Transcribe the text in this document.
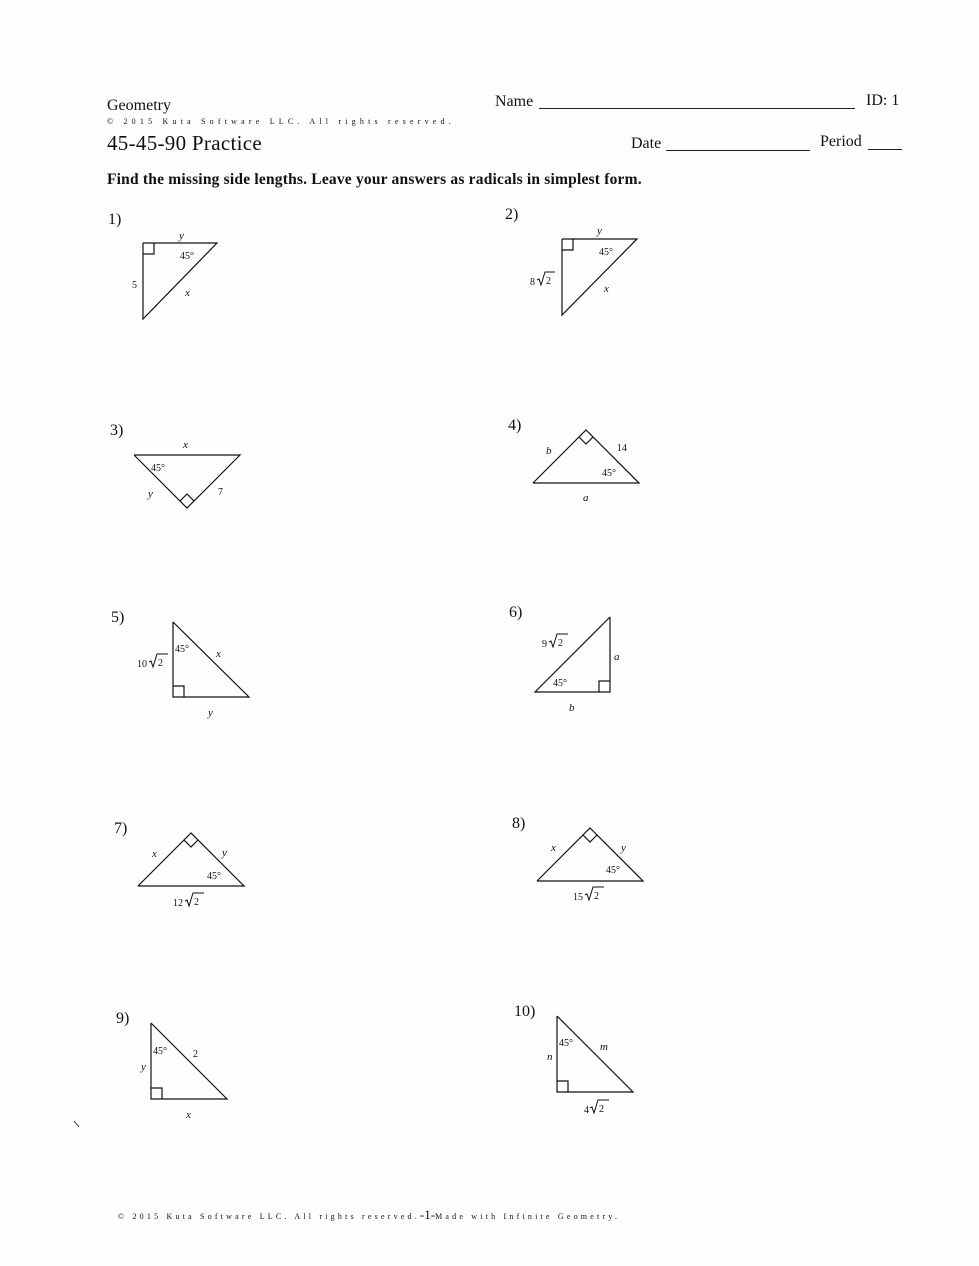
Geometry
© 2015 Kuta Software LLC. All rights reserved.
45-45-90 Practice
Name	ID: 1
Date	Period
Find the missing side lengths. Leave your answers as radicals in simplest form.
1)	2)
3)	4)
5)	6)
7)	8)
9)	10)
y
45°
5
x
y
45°
8 2
x
x
45°
y	7
b	14
45°
a
45°
10 2
x
y
9 2
a
45°
b
x	y
45°
12 2
x	y
45°
15 2
45°	2
y
x
45° m
n
4 2
© 2015 Kuta Software LLC. All rights reserved.-1-Made with Infinite Geometry.
